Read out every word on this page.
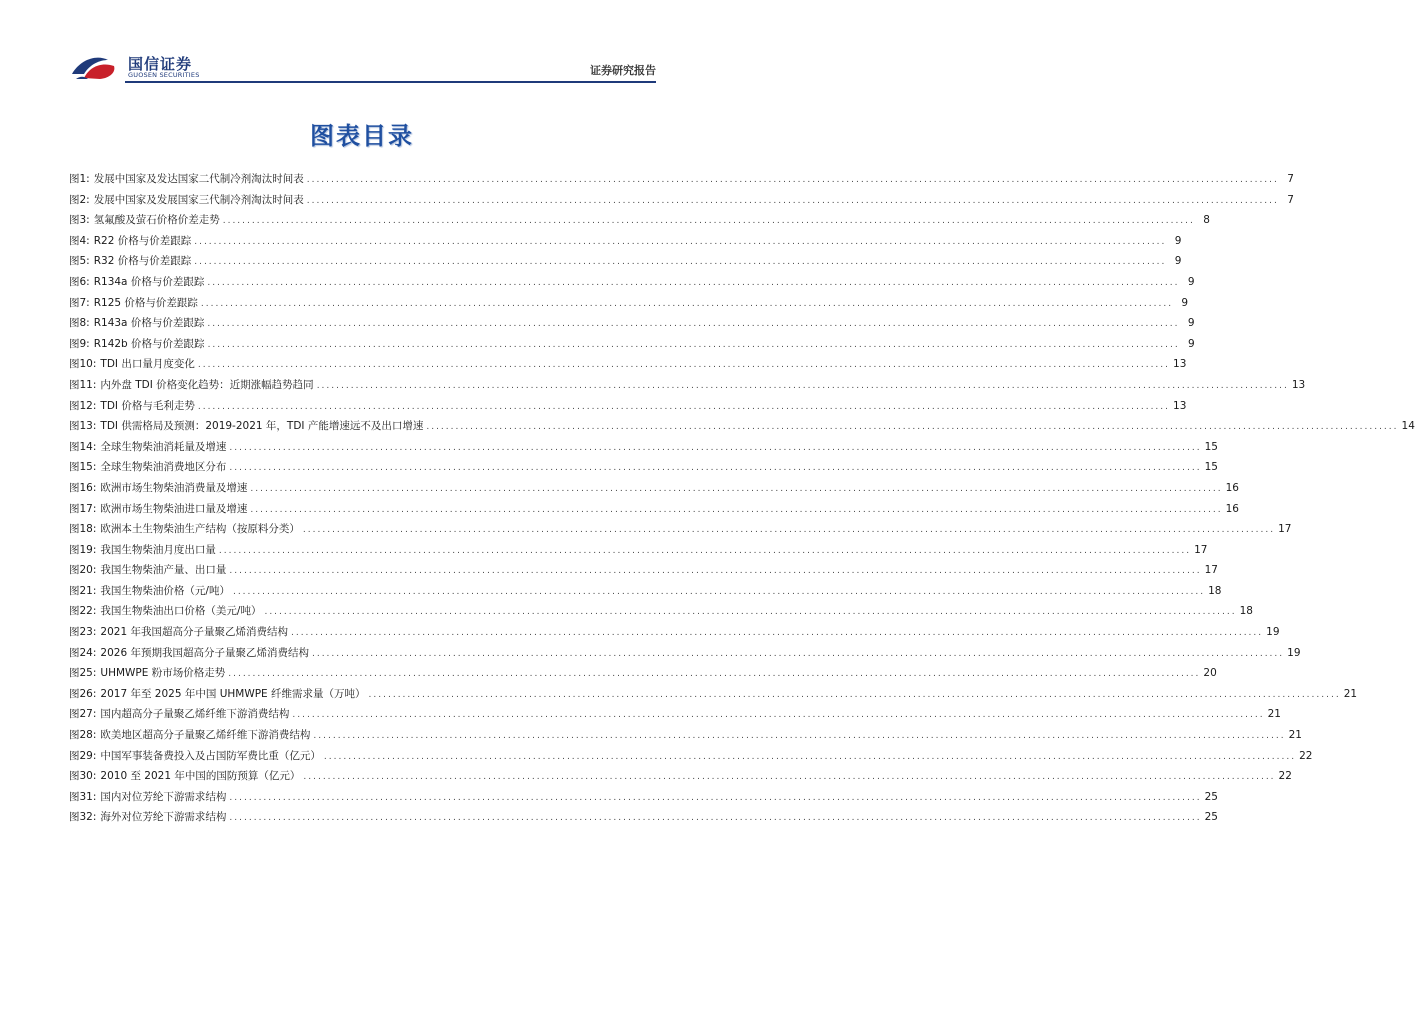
国信证券
GUOSEN SECURITIES	证券研究报告
图表目录
图1: 发展中国家及发达国家二代制冷剂淘汰时间表 ........................................................................................................................................................................................................ 7
图2: 发展中国家及发展国家三代制冷剂淘汰时间表 ........................................................................................................................................................................................................ 7
图3: 氢氟酸及萤石价格价差走势 ........................................................................................................................................................................................................ 8
图4: R22 价格与价差跟踪 ........................................................................................................................................................................................................ 9
图5: R32 价格与价差跟踪 ........................................................................................................................................................................................................ 9
图6: R134a 价格与价差跟踪 ........................................................................................................................................................................................................ 9
图7: R125 价格与价差跟踪 ........................................................................................................................................................................................................ 9
图8: R143a 价格与价差跟踪 ........................................................................................................................................................................................................ 9
图9: R142b 价格与价差跟踪 ........................................................................................................................................................................................................ 9
图10: TDI 出口量月度变化 ........................................................................................................................................................................................................ 13
图11: 内外盘 TDI 价格变化趋势：近期涨幅趋势趋同 ........................................................................................................................................................................................................ 13
图12: TDI 价格与毛利走势 ........................................................................................................................................................................................................ 13
图13: TDI 供需格局及预测：2019-2021 年，TDI 产能增速远不及出口增速 ........................................................................................................................................................................................................ 14
图14: 全球生物柴油消耗量及增速 ........................................................................................................................................................................................................ 15
图15: 全球生物柴油消费地区分布 ........................................................................................................................................................................................................ 15
图16: 欧洲市场生物柴油消费量及增速 ........................................................................................................................................................................................................ 16
图17: 欧洲市场生物柴油进口量及增速 ........................................................................................................................................................................................................ 16
图18: 欧洲本土生物柴油生产结构（按原料分类） ........................................................................................................................................................................................................ 17
图19: 我国生物柴油月度出口量 ........................................................................................................................................................................................................ 17
图20: 我国生物柴油产量、出口量 ........................................................................................................................................................................................................ 17
图21: 我国生物柴油价格（元/吨） ........................................................................................................................................................................................................ 18
图22: 我国生物柴油出口价格（美元/吨） ........................................................................................................................................................................................................ 18
图23: 2021 年我国超高分子量聚乙烯消费结构 ........................................................................................................................................................................................................ 19
图24: 2026 年预期我国超高分子量聚乙烯消费结构 ........................................................................................................................................................................................................ 19
图25: UHMWPE 粉市场价格走势 ........................................................................................................................................................................................................ 20
图26: 2017 年至 2025 年中国 UHMWPE 纤维需求量（万吨） ........................................................................................................................................................................................................ 21
图27: 国内超高分子量聚乙烯纤维下游消费结构 ........................................................................................................................................................................................................ 21
图28: 欧美地区超高分子量聚乙烯纤维下游消费结构 ........................................................................................................................................................................................................ 21
图29: 中国军事装备费投入及占国防军费比重（亿元） ........................................................................................................................................................................................................ 22
图30: 2010 至 2021 年中国的国防预算（亿元） ........................................................................................................................................................................................................ 22
图31: 国内对位芳纶下游需求结构 ........................................................................................................................................................................................................ 25
图32: 海外对位芳纶下游需求结构 ........................................................................................................................................................................................................ 25
